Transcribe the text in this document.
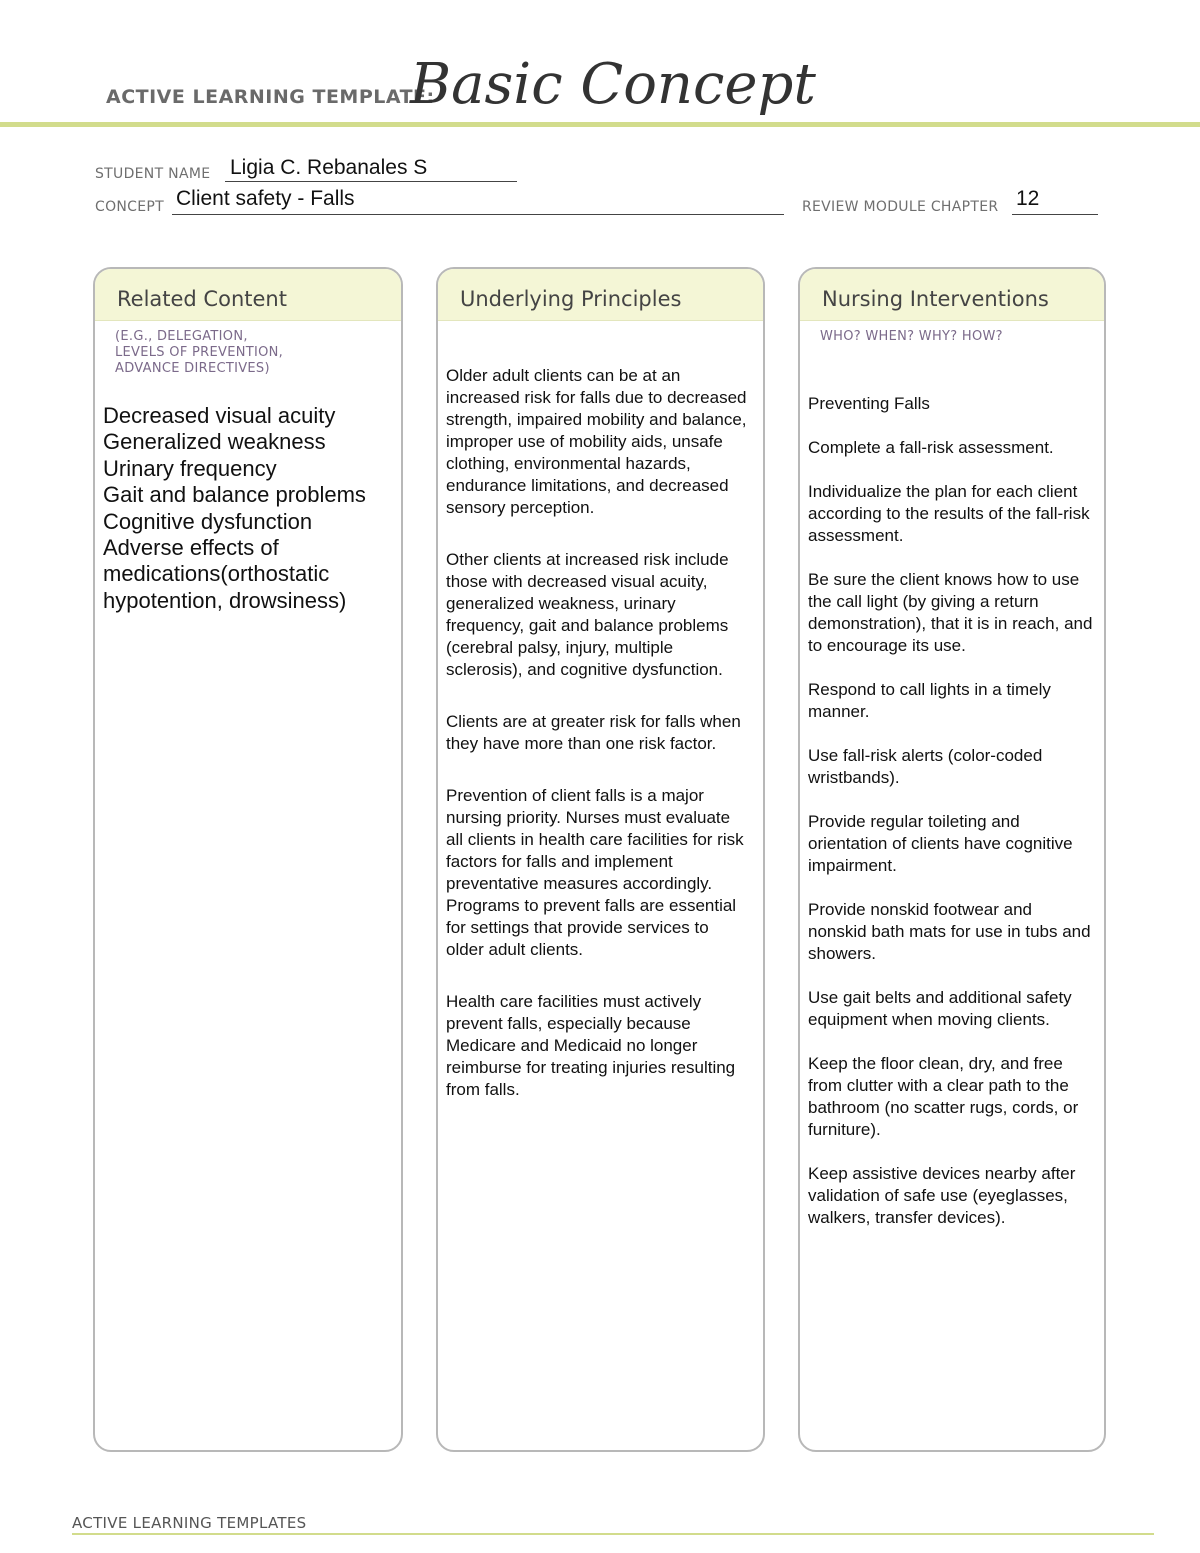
ACTIVE LEARNING TEMPLATE:
Basic Concept
STUDENT NAME Ligia C. Rebanales S
CONCEPT Client safety - Falls	REVIEW MODULE CHAPTER 12
Related Content
(E.G., DELEGATION,
LEVELS OF PREVENTION,
ADVANCE DIRECTIVES)
Decreased visual acuity
Generalized weakness
Urinary frequency
Gait and balance problems
Cognitive dysfunction
Adverse effects of
medications(orthostatic
hypotention, drowsiness)
Underlying Principles

Older adult clients can be at an increased risk for falls due to decreased strength, impaired mobility and balance, improper use of mobility aids, unsafe clothing, environmental hazards, endurance limitations, and decreased sensory perception.

Other clients at increased risk include those with decreased visual acuity, generalized weakness, urinary frequency, gait and balance problems (cerebral palsy, injury, multiple sclerosis), and cognitive dysfunction.

Clients are at greater risk for falls when they have more than one risk factor.

Prevention of client falls is a major nursing priority. Nurses must evaluate all clients in health care facilities for risk factors for falls and implement preventative measures accordingly.

Programs to prevent falls are essential for settings that provide services to older adult clients.

Health care facilities must actively prevent falls, especially because Medicare and Medicaid no longer reimburse for treating injuries resulting from falls.

Nursing Interventions
WHO? WHEN? WHY? HOW?

Preventing Falls

Complete a fall-risk assessment.

Individualize the plan for each client according to the results of the fall-risk assessment.

Be sure the client knows how to use the call light (by giving a return demonstration), that it is in reach, and to encourage its use.

Respond to call lights in a timely manner.

Use fall-risk alerts (color-coded wristbands).

Provide regular toileting and orientation of clients have cognitive impairment.

Provide nonskid footwear and nonskid bath mats for use in tubs and showers.

Use gait belts and additional safety equipment when moving clients.

Keep the floor clean, dry, and free from clutter with a clear path to the bathroom (no scatter rugs, cords, or furniture).

Keep assistive devices nearby after validation of safe use (eyeglasses, walkers, transfer devices).

ACTIVE LEARNING TEMPLATES
